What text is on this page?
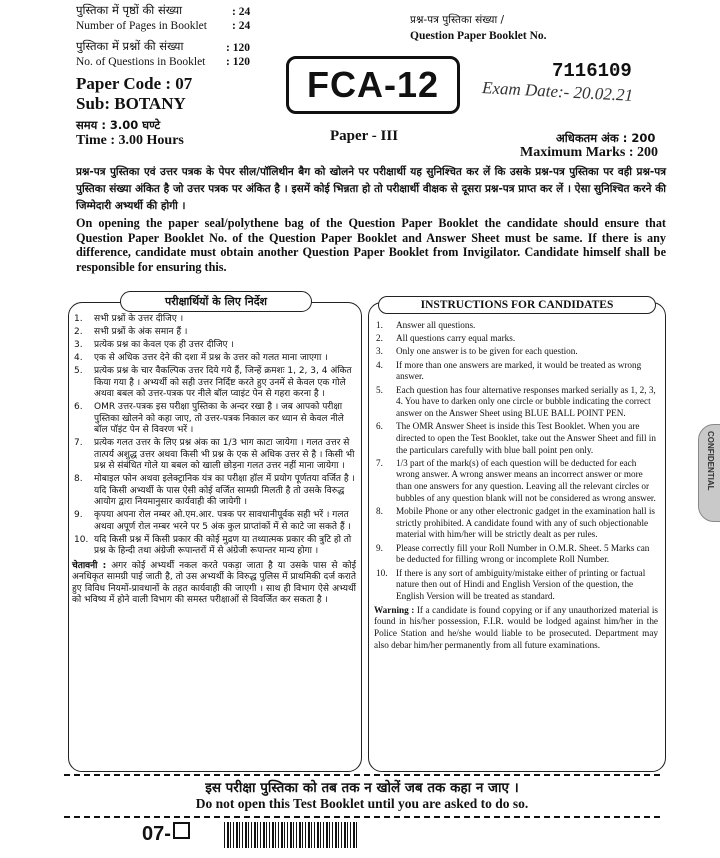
पुस्तिका में पृष्ठों की संख्या	: 24
Number of Pages in Booklet : 24
पुस्तिका में प्रश्नों की संख्या	: 120
No. of Questions in Booklet : 120
Paper Code : 07
Sub: BOTANY
समय : 3.00 घण्टे
Time : 3.00 Hours
FCA-12
Paper - III
प्रश्न-पत्र पुस्तिका संख्या /
Question Paper Booklet No.
7116109
Exam Date:- 20.02.21
अधिकतम अंक : 200
Maximum Marks : 200
प्रश्न-पत्र पुस्तिका एवं उत्तर पत्रक के पेपर सील/पॉलिथीन बैग को खोलने पर परीक्षार्थी यह सुनिश्चित कर लें कि उसके प्रश्न-पत्र पुस्तिका पर वही प्रश्न-पत्र पुस्तिका संख्या अंकित है जो उत्तर पत्रक पर अंकित है । इसमें कोई भिन्नता हो तो परीक्षार्थी वीक्षक से दूसरा प्रश्न-पत्र प्राप्त कर लें । ऐसा सुनिश्चित करने की जिम्मेदारी अभ्यर्थी की होगी ।
On opening the paper seal/polythene bag of the Question Paper Booklet the candidate should ensure that Question Paper Booklet No. of the Question Paper Booklet and Answer Sheet must be same. If there is any difference, candidate must obtain another Question Paper Booklet from Invigilator. Candidate himself shall be responsible for ensuring this.
परीक्षार्थियों के लिए निर्देश
1. सभी प्रश्नों के उत्तर दीजिए ।
2. सभी प्रश्नों के अंक समान हैं ।
3. प्रत्येक प्रश्न का केवल एक ही उत्तर दीजिए ।
4. एक से अधिक उत्तर देने की दशा में प्रश्न के उत्तर को गलत माना जाएगा ।
5. प्रत्येक प्रश्न के चार वैकल्पिक उत्तर दिये गये हैं, जिन्हें क्रमशः 1, 2, 3, 4 अंकित किया गया है । अभ्यर्थी को सही उत्तर निर्दिष्ट करते हुए उनमें से केवल एक गोले अथवा बबल को उत्तर-पत्रक पर नीले बॉल प्वाइंट पेन से गहरा करना है ।
6. OMR उत्तर-पत्रक इस परीक्षा पुस्तिका के अन्दर रखा है । जब आपको परीक्षा पुस्तिका खोलने को कहा जाए, तो उत्तर-पत्रक निकाल कर ध्यान से केवल नीले बॉल पॉइंट पेन से विवरण भरें ।
7. प्रत्येक गलत उत्तर के लिए प्रश्न अंक का 1/3 भाग काटा जायेगा । गलत उत्तर से तात्पर्य अशुद्ध उत्तर अथवा किसी भी प्रश्न के एक से अधिक उत्तर से है । किसी भी प्रश्न से संबंधित गोले या बबल को खाली छोड़ना गलत उत्तर नहीं माना जायेगा ।
8. मोबाइल फोन अथवा इलेक्ट्रानिक यंत्र का परीक्षा हॉल में प्रयोग पूर्णतया वर्जित है । यदि किसी अभ्यर्थी के पास ऐसी कोई वर्जित सामग्री मिलती है तो उसके विरुद्ध आयोग द्वारा नियमानुसार कार्यवाही की जायेगी ।
9. कृपया अपना रोल नम्बर ओ.एम.आर. पत्रक पर सावधानीपूर्वक सही भरें । गलत अथवा अपूर्ण रोल नम्बर भरने पर 5 अंक कुल प्राप्तांकों में से काटे जा सकते हैं ।
10. यदि किसी प्रश्न में किसी प्रकार की कोई मुद्रण या तथ्यात्मक प्रकार की त्रुटि हो तो प्रश्न के हिन्दी तथा अंग्रेजी रूपान्तरों में से अंग्रेजी रूपान्तर मान्य होगा ।
चेतावनी : अगर कोई अभ्यर्थी नकल करते पकड़ा जाता है या उसके पास से कोई अनधिकृत सामग्री पाई जाती है, तो उस अभ्यर्थी के विरुद्ध पुलिस में प्राथमिकी दर्ज कराते हुए विविध नियमों-प्रावधानों के तहत कार्यवाही की जाएगी । साथ ही विभाग ऐसे अभ्यर्थी को भविष्य में होने वाली विभाग की समस्त परीक्षाओं से विवर्जित कर सकता है ।
INSTRUCTIONS FOR CANDIDATES
1. Answer all questions.
2. All questions carry equal marks.
3. Only one answer is to be given for each question.
4. If more than one answers are marked, it would be treated as wrong answer.
5. Each question has four alternative responses marked serially as 1, 2, 3, 4. You have to darken only one circle or bubble indicating the correct answer on the Answer Sheet using BLUE BALL POINT PEN.
6. The OMR Answer Sheet is inside this Test Booklet. When you are directed to open the Test Booklet, take out the Answer Sheet and fill in the particulars carefully with blue ball point pen only.
7. 1/3 part of the mark(s) of each question will be deducted for each wrong answer. A wrong answer means an incorrect answer or more than one answers for any question. Leaving all the relevant circles or bubbles of any question blank will not be considered as wrong answer.
8. Mobile Phone or any other electronic gadget in the examination hall is strictly prohibited. A candidate found with any of such objectionable material with him/her will be strictly dealt as per rules.
9. Please correctly fill your Roll Number in O.M.R. Sheet. 5 Marks can be deducted for filling wrong or incomplete Roll Number.
10. If there is any sort of ambiguity/mistake either of printing or factual nature then out of Hindi and English Version of the question, the English Version will be treated as standard.
Warning : If a candidate is found copying or if any unauthorized material is found in his/her possession, F.I.R. would be lodged against him/her in the Police Station and he/she would liable to be prosecuted. Department may also debar him/her permanently from all future examinations.
CONFIDENTIAL
इस परीक्षा पुस्तिका को तब तक न खोलें जब तक कहा न जाए ।
Do not open this Test Booklet until you are asked to do so.
07-
